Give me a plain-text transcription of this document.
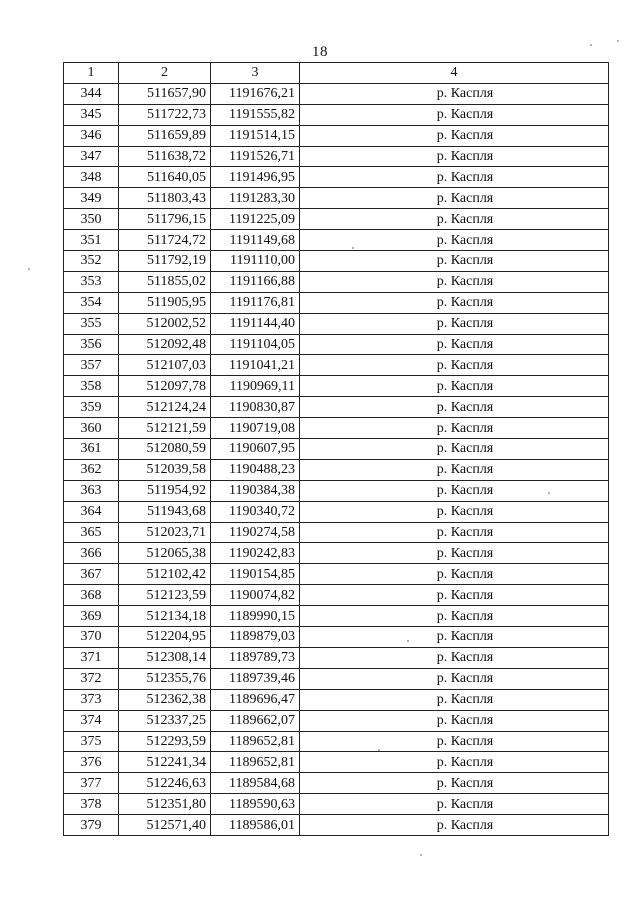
18
1	2	3	4
344	511657,90	1191676,21	р. Каспля
345	511722,73	1191555,82	р. Каспля
346	511659,89	1191514,15	р. Каспля
347	511638,72	1191526,71	р. Каспля
348	511640,05	1191496,95	р. Каспля
349	511803,43	1191283,30	р. Каспля
350	511796,15	1191225,09	р. Каспля
351	511724,72	1191149,68	р. Каспля
352	511792,19	1191110,00	р. Каспля
353	511855,02	1191166,88	р. Каспля
354	511905,95	1191176,81	р. Каспля
355	512002,52	1191144,40	р. Каспля
356	512092,48	1191104,05	р. Каспля
357	512107,03	1191041,21	р. Каспля
358	512097,78	1190969,11	р. Каспля
359	512124,24	1190830,87	р. Каспля
360	512121,59	1190719,08	р. Каспля
361	512080,59	1190607,95	р. Каспля
362	512039,58	1190488,23	р. Каспля
363	511954,92	1190384,38	р. Каспля
364	511943,68	1190340,72	р. Каспля
365	512023,71	1190274,58	р. Каспля
366	512065,38	1190242,83	р. Каспля
367	512102,42	1190154,85	р. Каспля
368	512123,59	1190074,82	р. Каспля
369	512134,18	1189990,15	р. Каспля
370	512204,95	1189879,03	р. Каспля
371	512308,14	1189789,73	р. Каспля
372	512355,76	1189739,46	р. Каспля
373	512362,38	1189696,47	р. Каспля
374	512337,25	1189662,07	р. Каспля
375	512293,59	1189652,81	р. Каспля
376	512241,34	1189652,81	р. Каспля
377	512246,63	1189584,68	р. Каспля
378	512351,80	1189590,63	р. Каспля
379	512571,40	1189586,01	р. Каспля
